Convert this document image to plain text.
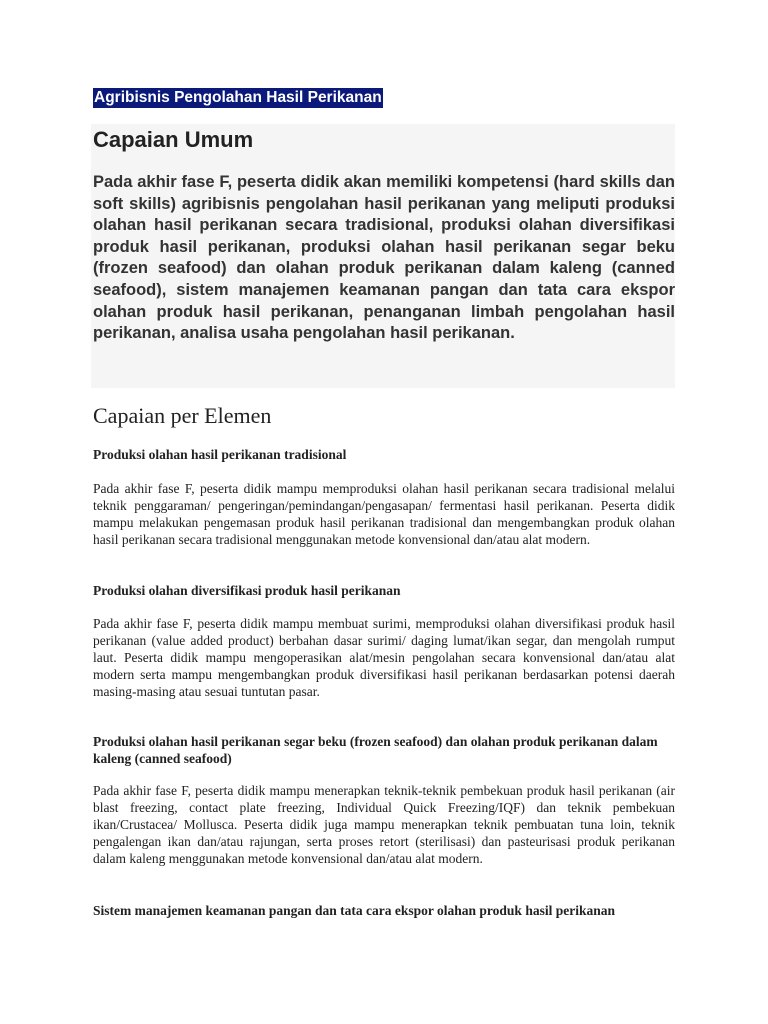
Agribisnis Pengolahan Hasil Perikanan
Capaian Umum

Pada akhir fase F, peserta didik akan memiliki kompetensi (hard skills dan soft skills) agribisnis pengolahan hasil perikanan yang meliputi produksi olahan hasil perikanan secara tradisional, produksi olahan diversifikasi produk hasil perikanan, produksi olahan hasil perikanan segar beku (frozen seafood) dan olahan produk perikanan dalam kaleng (canned seafood), sistem manajemen keamanan pangan dan tata cara ekspor olahan produk hasil perikanan, penanganan limbah pengolahan hasil perikanan, analisa usaha pengolahan hasil perikanan.

Capaian per Elemen
Produksi olahan hasil perikanan tradisional

Pada akhir fase F, peserta didik mampu memproduksi olahan hasil perikanan secara tradisional melalui teknik penggaraman/ pengeringan/pemindangan/pengasapan/ fermentasi hasil perikanan. Peserta didik mampu melakukan pengemasan produk hasil perikanan tradisional dan mengembangkan produk olahan hasil perikanan secara tradisional menggunakan metode konvensional dan/atau alat modern.

Produksi olahan diversifikasi produk hasil perikanan

Pada akhir fase F, peserta didik mampu membuat surimi, memproduksi olahan diversifikasi produk hasil perikanan (value added product) berbahan dasar surimi/ daging lumat/ikan segar, dan mengolah rumput laut. Peserta didik mampu mengoperasikan alat/mesin pengolahan secara konvensional dan/atau alat modern serta mampu mengembangkan produk diversifikasi hasil perikanan berdasarkan potensi daerah masing-masing atau sesuai tuntutan pasar.

Produksi olahan hasil perikanan segar beku (frozen seafood) dan olahan produk perikanan dalam kaleng (canned seafood)

Pada akhir fase F, peserta didik mampu menerapkan teknik-teknik pembekuan produk hasil perikanan (air blast freezing, contact plate freezing, Individual Quick Freezing/IQF) dan teknik pembekuan ikan/Crustacea/ Mollusca. Peserta didik juga mampu menerapkan teknik pembuatan tuna loin, teknik pengalengan ikan dan/atau rajungan, serta proses retort (sterilisasi) dan pasteurisasi produk perikanan dalam kaleng menggunakan metode konvensional dan/atau alat modern.

Sistem manajemen keamanan pangan dan tata cara ekspor olahan produk hasil perikanan
